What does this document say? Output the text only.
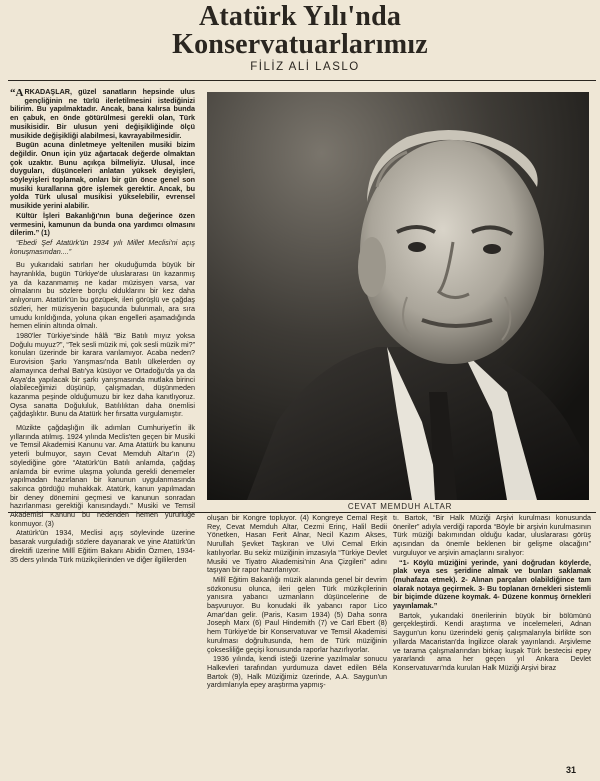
Atatürk Yılı'nda
Konservatuarlarımız
FİLİZ ALİ LASLO

“ARKADAŞLAR, güzel sanatların hepsinde ulus gençliğinin ne türlü ilerletilmesini istediğinizi bilirim. Bu yapılmaktadır. Ancak, bana kalırsa bunda en çabuk, en önde götürülmesi gerekli olan, Türk musikisidir. Bir ulusun yeni değişikliğinde ölçü musikide değişikliği alabilmesi, kavrayabilmesidir.

Bugün acuna dinletmeye yeltenilen musiki bizim değildir. Onun için yüz ağartacak değerde olmaktan çok uzaktır. Bunu açıkça bilmeliyiz. Ulusal, ince duyguları, düşünceleri anlatan yüksek deyişleri, söyleyişleri toplamak, onları bir gün önce genel son musiki kurallarına göre işlemek gerektir. Ancak, bu yolda Türk ulusal musikisi yükselebilir, evrensel musikide yerini alabilir.

Kültür İşleri Bakanlığı'nın buna değerince özen vermesini, kamunun da bunda ona yardımcı olmasını dilerim.” (1)

“Ebedi Şef Atatürk'ün 1934 yılı Millet Meclisi'ni açış konuşmasından....”

Bu yukarıdaki satırları her okuduğumda büyük bir hayranlıkla, bugün Türkiye'de uluslararası ün kazanmış ya da kazanmamış ne kadar müzisyen varsa, var olmalarını bu sözlere borçlu olduklarını bir kez daha anlıyorum. Atatürk'ün bu gözüpek, ileri görüşlü ve çağdaş sözleri, her müzisyenin başucunda bulunmalı, ara sıra umudu kırıldığında, yoluna çıkan engelleri aşamadığında hemen elinin altında olmalı.

1980'ler Türkiye'sinde hâlâ “Biz Batılı mıyız yoksa Doğulu muyuz?”, “Tek sesli müzik mi, çok sesli müzik mi?” konuları üzerinde bir karara varılamıyor. Acaba neden? Eurovision Şarkı Yarışması'nda Batılı ülkelerden oy alamayınca derhal Batı'ya küsüyor ve Ortadoğu'da ya da Asya'da yapılacak bir şarkı yarışmasında mutlaka birinci olabileceğimizi düşünüp, çalışmadan, düşünmeden kazanma peşinde olduğumuzu bir kez daha kanıtlıyoruz. Oysa sanatta Doğululuk, Batılılıktan daha önemlisi çağdaşlıktır. Bunu da Atatürk her fırsatta vurgulamıştır.

Müzikte çağdaşlığın ilk adımları Cumhuriyet'in ilk yıllarında atılmış. 1924 yılında Meclis'ten geçen bir Musiki ve Temsil Akademisi Kanunu var. Ama Atatürk bu kanunu yeterli bulmuyor, sayın Cevat Memduh Altar'ın (2) söylediğine göre “Atatürk'ün Batılı anlamda, çağdaş anlamda bir evrime ulaşma yolunda gerekli denemeler yapılmadan hazırlanan bir kanunun uygulanmasında sakınca gördüğü muhakkak. Atatürk, kanun yapılmadan bir deney dönemini geçmesi ve kanunun sonradan hazırlanması gerektiği kanısındaydı.” Musiki ve Temsil Akademisi Kanunu bu nedenden hemen yürürlüğe konmuyor. (3)

Atatürk'ün 1934, Meclisi açış söylevinde üzerine basarak vurguladığı sözlere dayanarak ve yine Atatürk'ün direktifi üzerine Millî Eğitim Bakanı Abidin Özmen, 1934-35 ders yılında Türk müzikçilerinden ve diğer ilgililerden

CEVAT MEMDUH ALTAR

oluşan bir Kongre topluyor. (4) Kongreye Cemal Reşit Rey, Cevat Memduh Altar, Cezmi Erinç, Halil Bedii Yönetken, Hasan Ferit Alnar, Necil Kazım Akses, Nurullah Şevket Taşkıran ve Ulvi Cemal Erkin katılıyorlar. Bu sekiz müziğinin imzasıyla “Türkiye Devlet Musiki ve Tiyatro Akademisi'nin Ana Çizgileri” adını taşıyan bir rapor hazırlanıyor.

Millî Eğitim Bakanlığı müzik alanında genel bir devrim sözkonusu olunca, ileri gelen Türk müzikçilerinin yanısıra yabancı uzmanların düşüncelerine de başvuruyor. Bu konudaki ilk yabancı rapor Lico Amar'dan gelir. (Paris, Kasım 1934) (5) Daha sonra Joseph Marx (6) Paul Hindemith (7) ve Carl Ebert (8) hem Türkiye'de bir Konservatuvar ve Temsil Akademisi kurulması doğrultusunda, hem de Türk müziğinin çoksesliliğe geçişi konusunda raporlar hazırlıyorlar.

1936 yılında, kendi isteği üzerine yazılmalar sonucu Halkevleri tarafından yurdumuza davet edilen Béla Bartok (9), Halk Müziğimiz üzerinde, A.A. Saygun'un yardımlarıyla epey araştırma yapmış-

tı. Bartok, “Bir Halk Müziği Arşivi kurulması konusunda öneriler” adıyla verdiği raporda “Böyle bir arşivin kurulmasının Türk müziği bakımından olduğu kadar, uluslararası görüş açısından da önemle beklenen bir gelişme olacağını” vurguluyor ve arşivin amaçlarını sıralıyor:

“1- Köylü müziğini yerinde, yani doğrudan köylerde, plak veya ses şeridine almak ve bunları saklamak (muhafaza etmek). 2- Alınan parçaları olabildiğince tam olarak notaya geçirmek. 3- Bu toplanan örnekleri sistemli bir biçimde düzene koymak. 4- Düzene konmuş örnekleri yayınlamak.”

Bartok, yukarıdaki önerilerinin büyük bir bölümünü gerçekleştirdi. Kendi araştırma ve incelemeleri, Adnan Saygun'un konu üzerindeki geniş çalışmalarıyla birlikte son yıllarda Macaristan'da İngilizce olarak yayınlandı. Arşivleme ve tarama çalışmalarından birkaç kuşak Türk bestecisi epey yararlandı ama her geçen yıl Ankara Devlet Konservatuvarı'nda kurulan Halk Müziği Arşivi biraz

31
